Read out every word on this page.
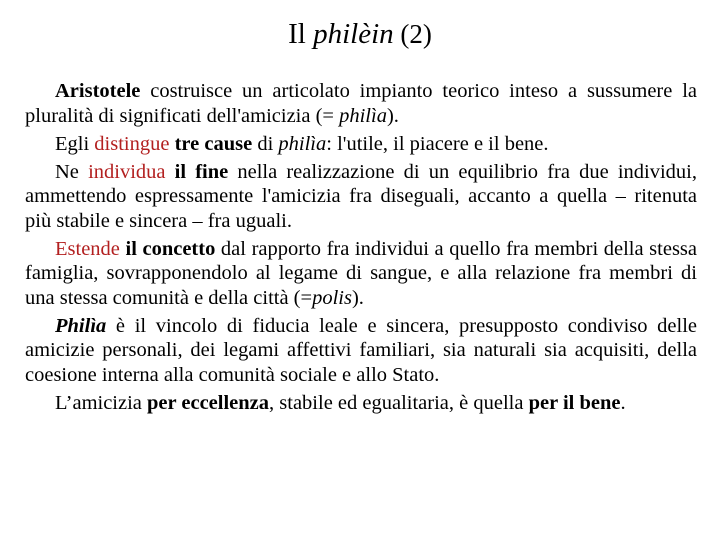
Il philèin (2)

Aristotele costruisce un articolato impianto teorico inteso a sussumere la pluralità di significati dell'amicizia (= philìa).

Egli distingue tre cause di philìa: l'utile, il piacere e il bene.

Ne individua il fine nella realizzazione di un equilibrio fra due individui, ammettendo espressamente l'amicizia fra diseguali, accanto a quella – ritenuta più stabile e sincera – fra uguali.

Estende il concetto dal rapporto fra individui a quello fra membri della stessa famiglia, sovrapponendolo al legame di sangue, e alla relazione fra membri di una stessa comunità e della città (=polis).

Philìa è il vincolo di fiducia leale e sincera, presupposto condiviso delle amicizie personali, dei legami affettivi familiari, sia naturali sia acquisiti, della coesione interna alla comunità sociale e allo Stato.

L’amicizia per eccellenza, stabile ed egualitaria, è quella per il bene.
